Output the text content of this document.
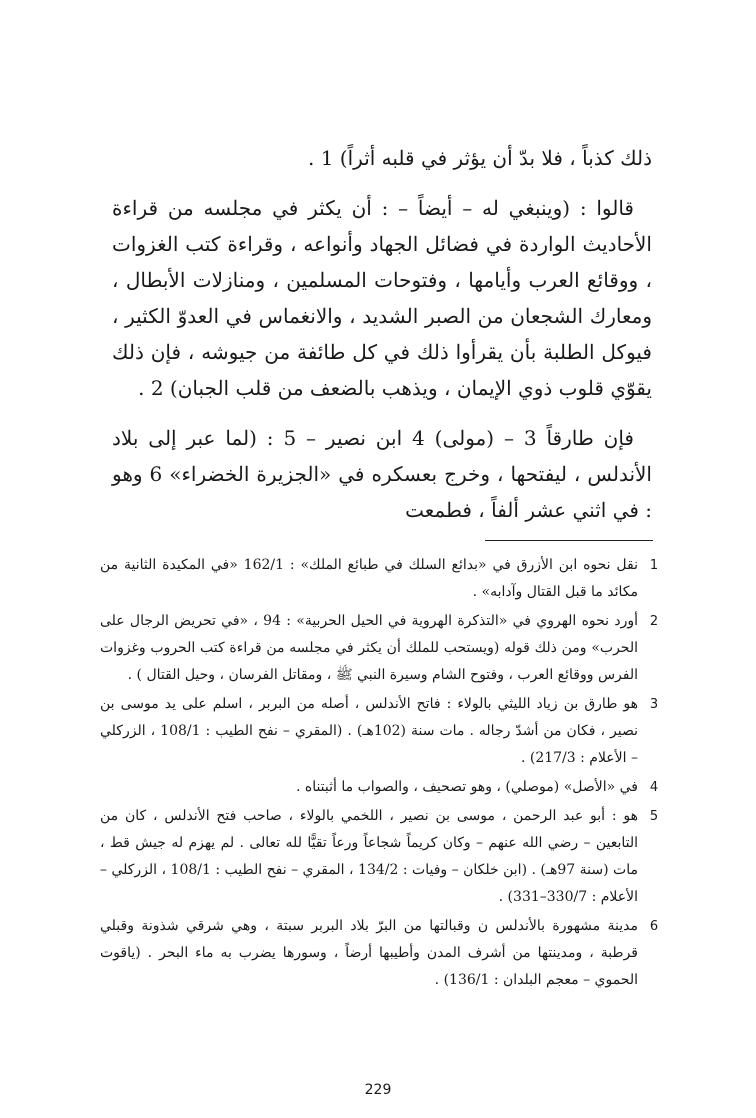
ذلك كذباً ، فلا بدّ أن يؤثر في قلبه أثراً) 1 .

قالوا : (وينبغي له – أيضاً – : أن يكثر في مجلسه من قراءة الأحاديث الواردة في فضائل الجهاد وأنواعه ، وقراءة كتب الغزوات ، ووقائع العرب وأيامها ، وفتوحات المسلمين ، ومنازلات الأبطال ، ومعارك الشجعان من الصبر الشديد ، والانغماس في العدوّ الكثير ، فيوكل الطلبة بأن يقرأوا ذلك في كل طائفة من جيوشه ، فإن ذلك يقوّي قلوب ذوي الإيمان ، ويذهب بالضعف من قلب الجبان) 2 .

فإن طارقاً 3 – (مولى) 4 ابن نصير – 5 : (لما عبر إلى بلاد الأندلس ، ليفتحها ، وخرج بعسكره في «الجزيرة الخضراء» 6 وهو : في اثني عشر ألفاً ، فطمعت

1
نقل نحوه ابن الأزرق في «بدائع السلك في طبائع الملك» : 162/1 «في المكيدة الثانية من مكائد ما قبل القتال وآدابه» .
2
أورد نحوه الهروي في «التذكرة الهروية في الحيل الحربية» : 94 ، «في تحريض الرجال على الحرب» ومن ذلك قوله (ويستحب للملك أن يكثر في مجلسه من قراءة كتب الحروب وغزوات الفرس ووقائع العرب ، وفتوح الشام وسيرة النبي ﷺ ، ومقاتل الفرسان ، وحيل القتال ) .
3
هو طارق بن زياد الليثي بالولاء : فاتح الأندلس ، أصله من البربر ، اسلم على يد موسى بن نصير ، فكان من أشدّ رجاله . مات سنة (102هـ) . (المقري – نفح الطيب : 108/1 ، الزركلي – الأعلام : 217/3) .
4
في «الأصل» (موصلي) ، وهو تصحيف ، والصواب ما أثبتناه .
5
هو : أبو عبد الرحمن ، موسى بن نصير ، اللخمي بالولاء ، صاحب فتح الأندلس ، كان من التابعين – رضي الله عنهم – وكان كريماً شجاعاً ورعاً تقيًّا لله تعالى . لم يهزم له جيش قط ، مات (سنة 97هـ) . (ابن خلكان – وفيات : 134/2 ، المقري – نفح الطيب : 108/1 ، الزركلي – الأعلام : 330/7–331) .
6
مدينة مشهورة بالأندلس ن وقبالتها من البرّ بلاد البربر سبتة ، وهي شرقي شذونة وقبلي قرطبة ، ومدينتها من أشرف المدن وأطيبها أرضاً ، وسورها يضرب به ماء البحر . (ياقوت الحموي – معجم البلدان : 136/1) .
229
